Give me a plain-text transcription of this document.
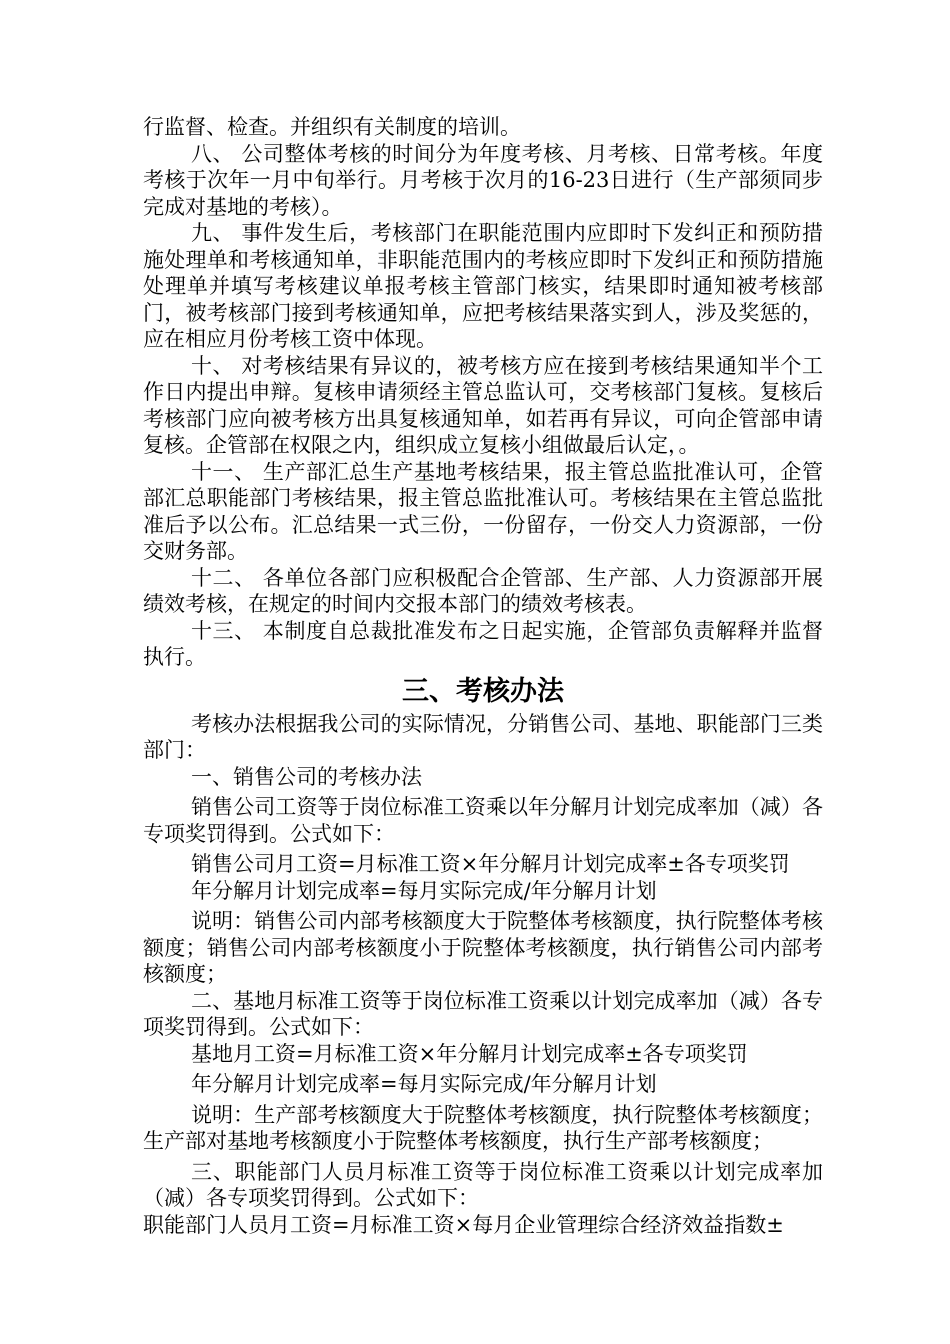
行监督、检查。并组织有关制度的培训。

八、 公司整体考核的时间分为年度考核、月考核、日常考核。年度考核于次年一月中旬举行。月考核于次月的16-23日进行（生产部须同步完成对基地的考核）。

九、 事件发生后，考核部门在职能范围内应即时下发纠正和预防措施处理单和考核通知单，非职能范围内的考核应即时下发纠正和预防措施处理单并填写考核建议单报考核主管部门核实，结果即时通知被考核部门，被考核部门接到考核通知单，应把考核结果落实到人，涉及奖惩的，应在相应月份考核工资中体现。

十、 对考核结果有异议的，被考核方应在接到考核结果通知半个工作日内提出申辩。复核申请须经主管总监认可，交考核部门复核。复核后考核部门应向被考核方出具复核通知单，如若再有异议，可向企管部申请复核。企管部在权限之内，组织成立复核小组做最后认定，。

十一、 生产部汇总生产基地考核结果，报主管总监批准认可，企管部汇总职能部门考核结果，报主管总监批准认可。考核结果在主管总监批准后予以公布。汇总结果一式三份，一份留存，一份交人力资源部，一份交财务部。

十二、 各单位各部门应积极配合企管部、生产部、人力资源部开展绩效考核，在规定的时间内交报本部门的绩效考核表。

十三、 本制度自总裁批准发布之日起实施，企管部负责解释并监督执行。

三、考核办法

考核办法根据我公司的实际情况，分销售公司、基地、职能部门三类部门：

一、销售公司的考核办法

销售公司工资等于岗位标准工资乘以年分解月计划完成率加（减）各专项奖罚得到。公式如下：

销售公司月工资=月标准工资×年分解月计划完成率±各专项奖罚

年分解月计划完成率=每月实际完成/年分解月计划

说明：销售公司内部考核额度大于院整体考核额度，执行院整体考核额度；销售公司内部考核额度小于院整体考核额度，执行销售公司内部考核额度；

二、基地月标准工资等于岗位标准工资乘以计划完成率加（减）各专项奖罚得到。公式如下：

基地月工资=月标准工资×年分解月计划完成率±各专项奖罚

年分解月计划完成率=每月实际完成/年分解月计划

说明：生产部考核额度大于院整体考核额度，执行院整体考核额度；生产部对基地考核额度小于院整体考核额度，执行生产部考核额度；

三、职能部门人员月标准工资等于岗位标准工资乘以计划完成率加（减）各专项奖罚得到。公式如下：

职能部门人员月工资=月标准工资×每月企业管理综合经济效益指数±
